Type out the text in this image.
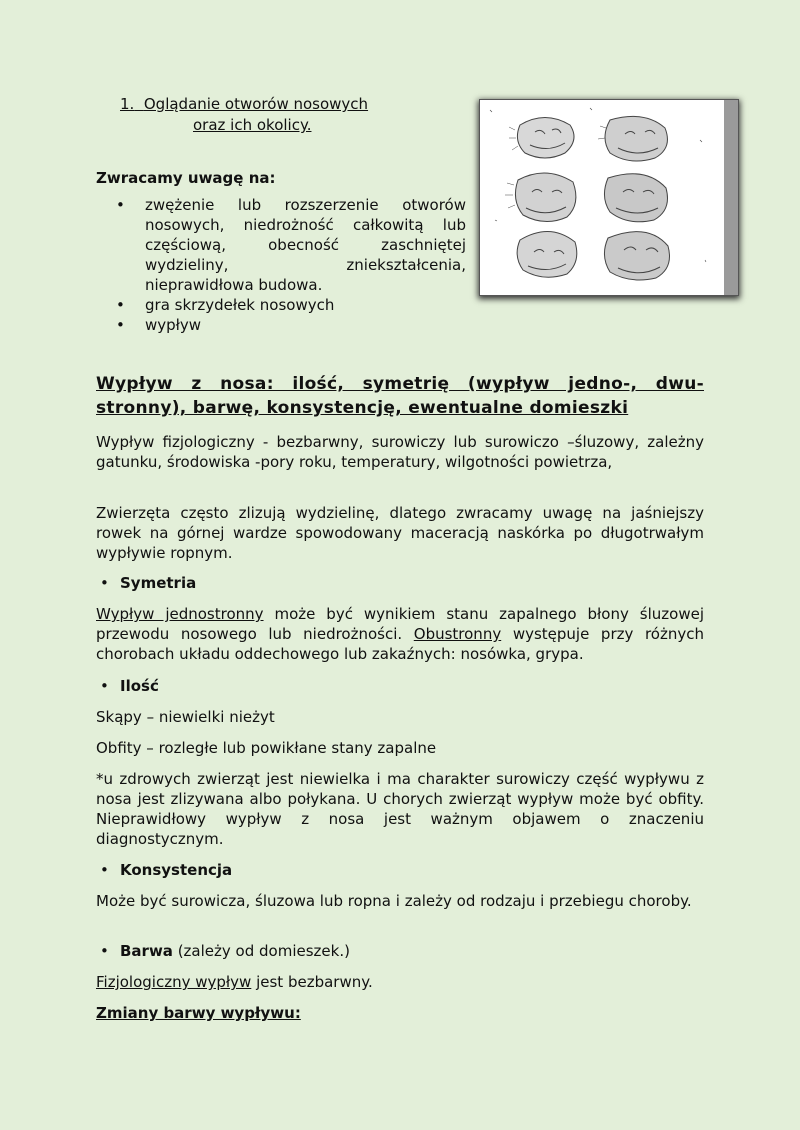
1. Oglądanie otworów nosowych
oraz ich okolicy.
Zwracamy uwagę na:
• zwężenie lub rozszerzenie otworów nosowych, niedrożność całkowitą lub częściową, obecność zaschniętej wydzieliny, zniekształcenia, nieprawidłowa budowa.
• gra skrzydełek nosowych
• wypływ
Wypływ z nosa: ilość, symetrię (wypływ jedno-, dwu-stronny), barwę, konsystencję, ewentualne domieszki

Wypływ fizjologiczny - bezbarwny, surowiczy lub surowiczo –śluzowy, zależny gatunku, środowiska -pory roku, temperatury, wilgotności powietrza,

Zwierzęta często zlizują wydzielinę, dlatego zwracamy uwagę na jaśniejszy rowek na górnej wardze spowodowany maceracją naskórka po długotrwałym wypływie ropnym.

• Symetria

Wypływ jednostronny może być wynikiem stanu zapalnego błony śluzowej przewodu nosowego lub niedrożności. Obustronny występuje przy różnych chorobach układu oddechowego lub zakaźnych: nosówka, grypa.

• Ilość

Skąpy – niewielki nieżyt

Obfity – rozległe lub powikłane stany zapalne

*u zdrowych zwierząt jest niewielka i ma charakter surowiczy część wypływu z nosa jest zlizywana albo połykana. U chorych zwierząt wypływ może być obfity. Nieprawidłowy wypływ z nosa jest ważnym objawem o znaczeniu diagnostycznym.

• Konsystencja

Może być surowicza, śluzowa lub ropna i zależy od rodzaju i przebiegu choroby.

• Barwa (zależy od domieszek.)

Fizjologiczny wypływ jest bezbarwny.

Zmiany barwy wypływu:
